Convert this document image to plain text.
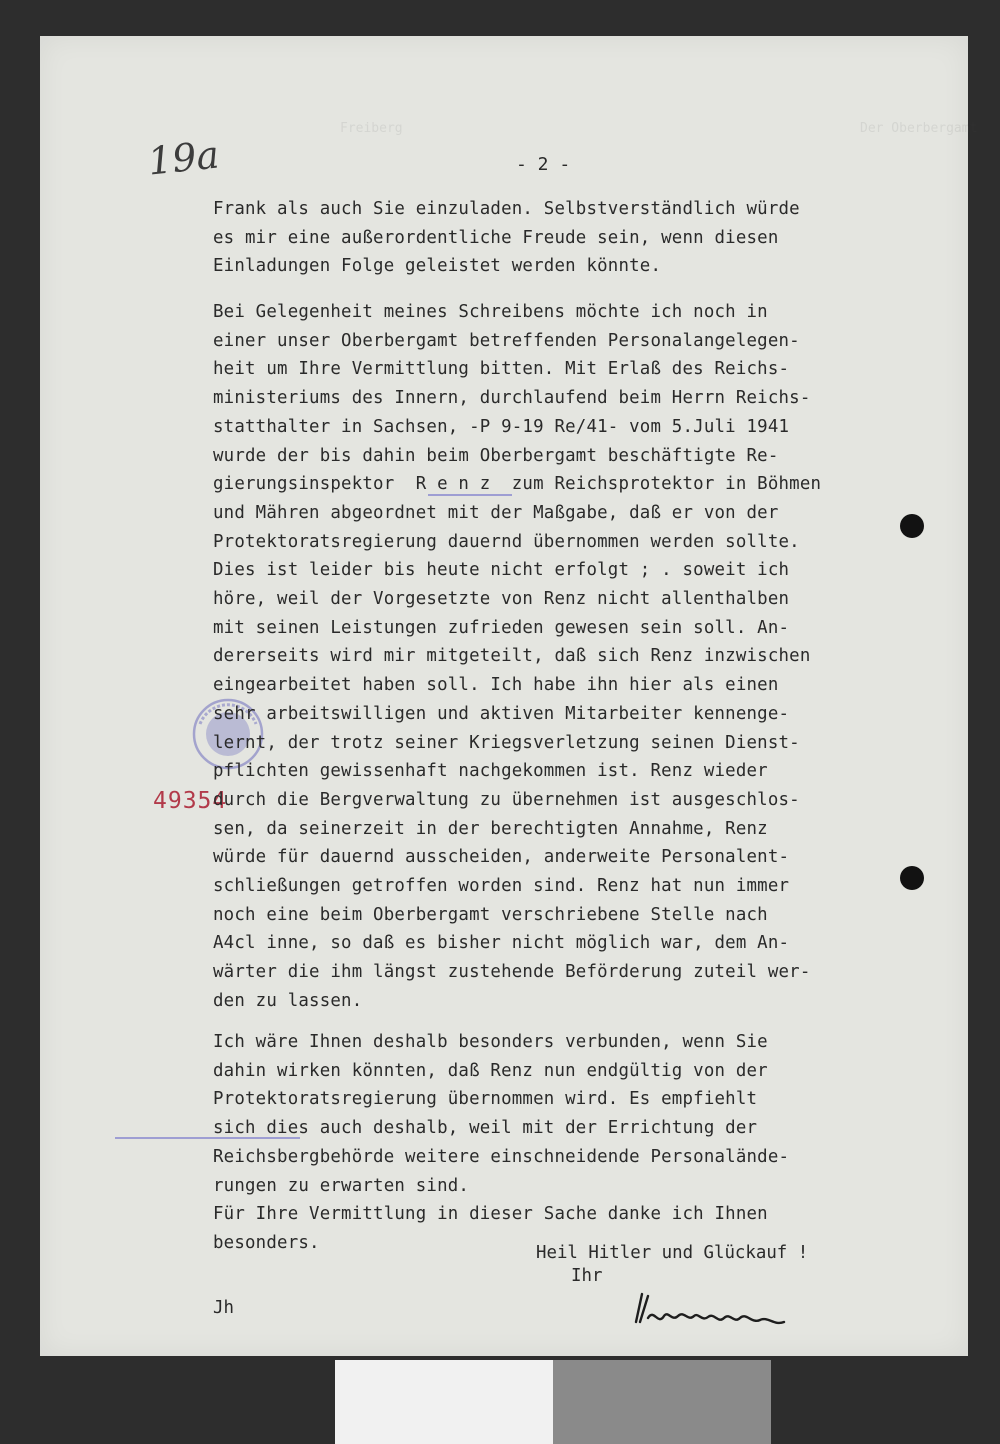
Der Oberbergamt
Freiberg
19a	- 2 -
49354
Frank als auch Sie einzuladen. Selbstverständlich würde
es mir eine außerordentliche Freude sein, wenn diesen
Einladungen Folge geleistet werden könnte.
Bei Gelegenheit meines Schreibens möchte ich noch in
einer unser Oberbergamt betreffenden Personalangelegen-
heit um Ihre Vermittlung bitten. Mit Erlaß des Reichs-
ministeriums des Innern, durchlaufend beim Herrn Reichs-
statthalter in Sachsen, -P 9-19 Re/41- vom 5.Juli 1941
wurde der bis dahin beim Oberbergamt beschäftigte Re-
gierungsinspektor  R e n z  zum Reichsprotektor in Böhmen
und Mähren abgeordnet mit der Maßgabe, daß er von der
Protektoratsregierung dauernd übernommen werden sollte.
Dies ist leider bis heute nicht erfolgt ; . soweit ich
höre, weil der Vorgesetzte von Renz nicht allenthalben
mit seinen Leistungen zufrieden gewesen sein soll. An-
dererseits wird mir mitgeteilt, daß sich Renz inzwischen
eingearbeitet haben soll. Ich habe ihn hier als einen
sehr arbeitswilligen und aktiven Mitarbeiter kennenge-
lernt, der trotz seiner Kriegsverletzung seinen Dienst-
pflichten gewissenhaft nachgekommen ist. Renz wieder
durch die Bergverwaltung zu übernehmen ist ausgeschlos-
sen, da seinerzeit in der berechtigten Annahme, Renz
würde für dauernd ausscheiden, anderweite Personalent-
schließungen getroffen worden sind. Renz hat nun immer
noch eine beim Oberbergamt verschriebene Stelle nach
A4cl inne, so daß es bisher nicht möglich war, dem An-
wärter die ihm längst zustehende Beförderung zuteil wer-
den zu lassen.
Ich wäre Ihnen deshalb besonders verbunden, wenn Sie
dahin wirken könnten, daß Renz nun endgültig von der
Protektoratsregierung übernommen wird. Es empfiehlt
sich dies auch deshalb, weil mit der Errichtung der
Reichsbergbehörde weitere einschneidende Personalände-
rungen zu erwarten sind.
Für Ihre Vermittlung in dieser Sache danke ich Ihnen
besonders.
Heil Hitler und Glückauf !
Ihr
Jh
